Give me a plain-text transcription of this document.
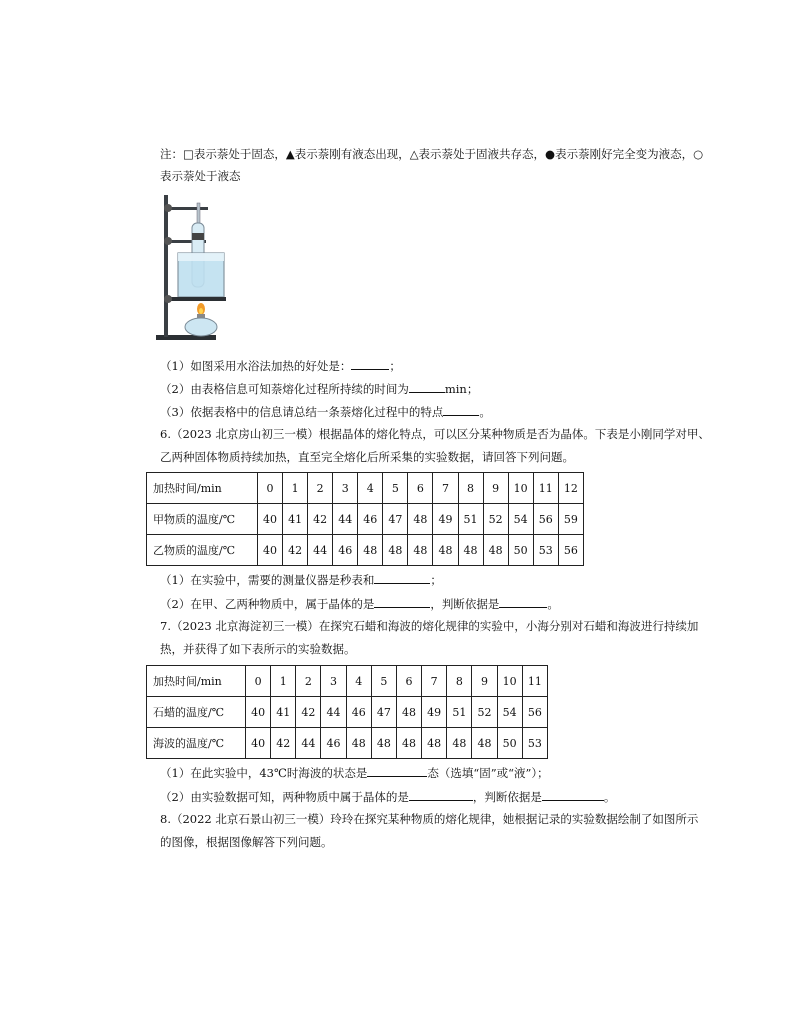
注：□表示萘处于固态，▲表示萘刚有液态出现，△表示萘处于固液共存态，●表示萘刚好完全变为液态，○
表示萘处于液态
（1）如图采用水浴法加热的好处是：	；
（2）由表格信息可知萘熔化过程所持续的时间为	min；
（3）依据表格中的信息请总结一条萘熔化过程中的特点	。
6.（2023 北京房山初三一模）根据晶体的熔化特点，可以区分某种物质是否为晶体。下表是小刚同学对甲、
乙两种固体物质持续加热，直至完全熔化后所采集的实验数据，请回答下列问题。
加热时间/min	0	1	2	3	4	5	6	7	8	9	10	11	12
甲物质的温度/℃	40	41	42	44	46	47	48	49	51	52	54	56	59
乙物质的温度/℃	40	42	44	46	48	48	48	48	48	48	50	53	56
（1）在实验中，需要的测量仪器是秒表和	；
（2）在甲、乙两种物质中，属于晶体的是	，判断依据是	。
7.（2023 北京海淀初三一模）在探究石蜡和海波的熔化规律的实验中，小海分别对石蜡和海波进行持续加
热，并获得了如下表所示的实验数据。
加热时间/min	0	1	2	3	4	5	6	7	8	9	10	11
石蜡的温度/℃	40	41	42	44	46	47	48	49	51	52	54	56
海波的温度/℃	40	42	44	46	48	48	48	48	48	48	50	53
（1）在此实验中，43℃时海波的状态是	态（选填“固”或“液”）；
（2）由实验数据可知，两种物质中属于晶体的是	，判断依据是	。
8.（2022 北京石景山初三一模）玲玲在探究某种物质的熔化规律，她根据记录的实验数据绘制了如图所示
的图像，根据图像解答下列问题。
